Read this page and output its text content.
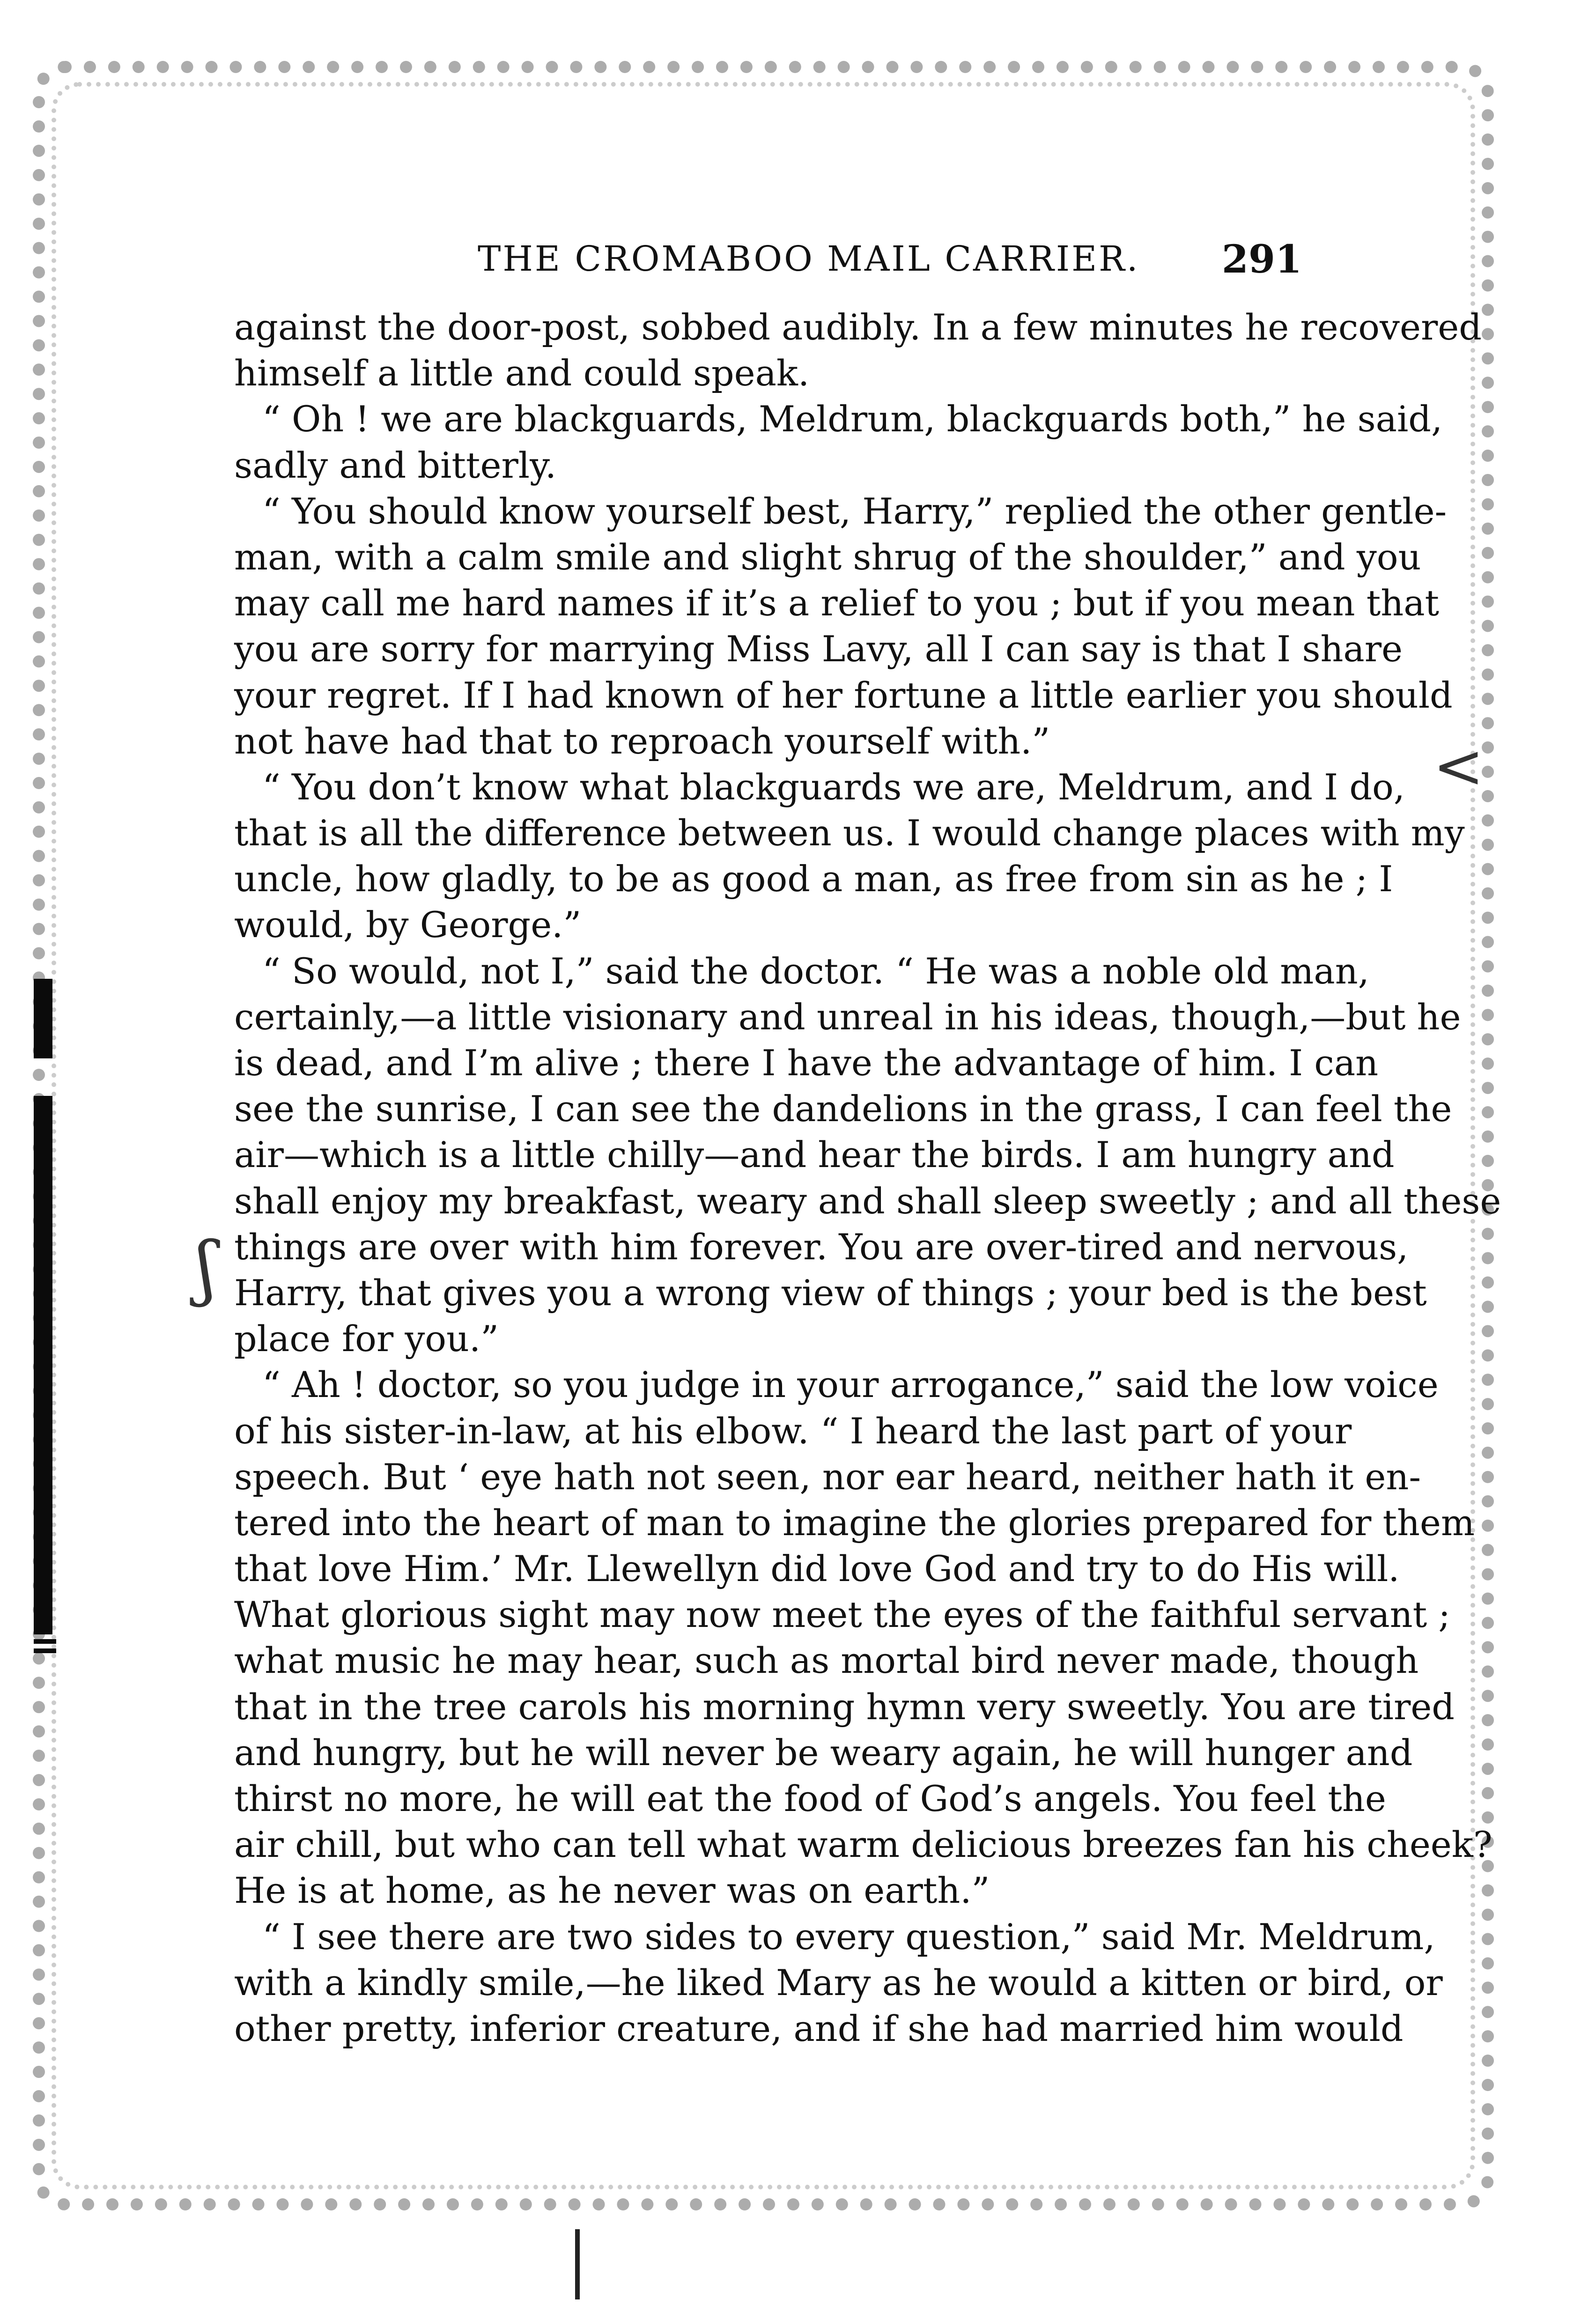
ʃ
<
THE CROMABOO MAIL CARRIER. 291
against the door-post, sobbed audibly. In a few minutes he recovered
himself a little and could speak.
“ Oh ! we are blackguards, Meldrum, blackguards both,” he said,
sadly and bitterly.
“ You should know yourself best, Harry,” replied the other gentle-
man, with a calm smile and slight shrug of the shoulder,” and you
may call me hard names if it’s a relief to you ; but if you mean that
you are sorry for marrying Miss Lavy, all I can say is that I share
your regret. If I had known of her fortune a little earlier you should
not have had that to reproach yourself with.”
“ You don’t know what blackguards we are, Meldrum, and I do,
that is all the difference between us. I would change places with my
uncle, how gladly, to be as good a man, as free from sin as he ; I
would, by George.”
“ So would, not I,” said the doctor. “ He was a noble old man,
certainly,—a little visionary and unreal in his ideas, though,—but he
is dead, and I’m alive ; there I have the advantage of him. I can
see the sunrise, I can see the dandelions in the grass, I can feel the
air—which is a little chilly—and hear the birds. I am hungry and
shall enjoy my breakfast, weary and shall sleep sweetly ; and all these
things are over with him forever. You are over-tired and nervous,
Harry, that gives you a wrong view of things ; your bed is the best
place for you.”
“ Ah ! doctor, so you judge in your arrogance,” said the low voice
of his sister-in-law, at his elbow. “ I heard the last part of your
speech. But ‘ eye hath not seen, nor ear heard, neither hath it en-
tered into the heart of man to imagine the glories prepared for them
that love Him.’ Mr. Llewellyn did love God and try to do His will.
What glorious sight may now meet the eyes of the faithful servant ;
what music he may hear, such as mortal bird never made, though
that in the tree carols his morning hymn very sweetly. You are tired
and hungry, but he will never be weary again, he will hunger and
thirst no more, he will eat the food of God’s angels. You feel the
air chill, but who can tell what warm delicious breezes fan his cheek?
He is at home, as he never was on earth.”
“ I see there are two sides to every question,” said Mr. Meldrum,
with a kindly smile,—he liked Mary as he would a kitten or bird, or
other pretty, inferior creature, and if she had married him would
